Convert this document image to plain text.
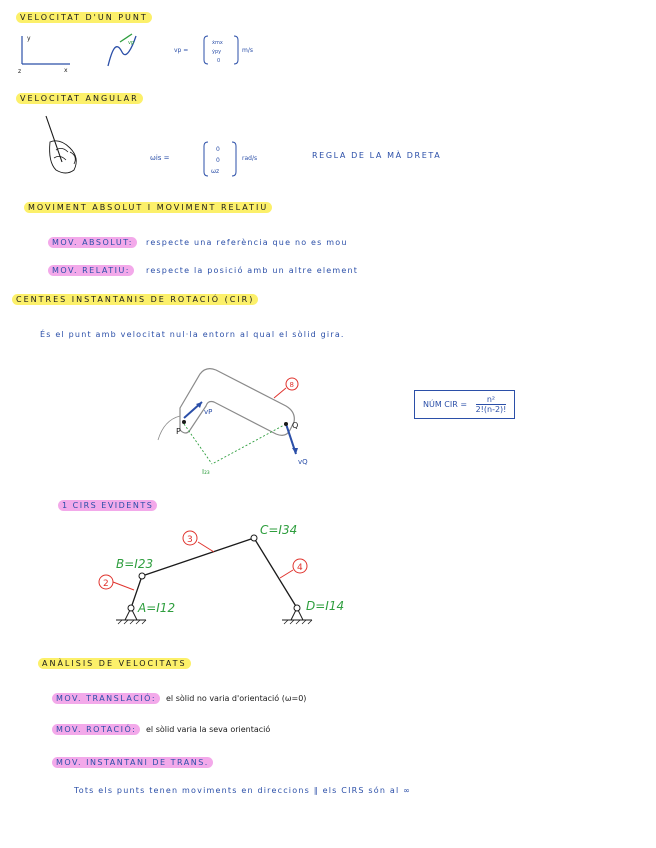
VELOCITAT D'UN PUNT
y
x
z
vp
vp =
ẋmx
ẏpy
0
m/s
VELOCITAT ANGULAR
ωis =
0
0
ωz
rad/s	REGLA DE LA MÀ DRETA
MOVIMENT ABSOLUT I MOVIMENT RELATIU
MOV. ABSOLUT:	respecte una referència que no es mou
MOV. RELATIU:	respecte la posició amb un altre element
CENTRES INSTANTANIS DE ROTACIÓ (CIR)
És el punt amb velocitat nul·la entorn al qual el sòlid gira.
P
Q
vP
vQ
I₂₃
8
NÚM CIR = $\frac{\text{n²}}{2!(n-2)!}$
1 CIRS EVIDENTS
A=I12
B=I23
C=I34
D=I14
2
3
4
ANÀLISIS DE VELOCITATS
MOV. TRANSLACIÓ:	el sòlid no varia d'orientació (ω=0)
MOV. ROTACIÓ:	el sòlid varia la seva orientació
MOV. INSTANTANI DE TRANS.
Tots els punts tenen moviments en direccions ∥ els CIRS són al ∞
